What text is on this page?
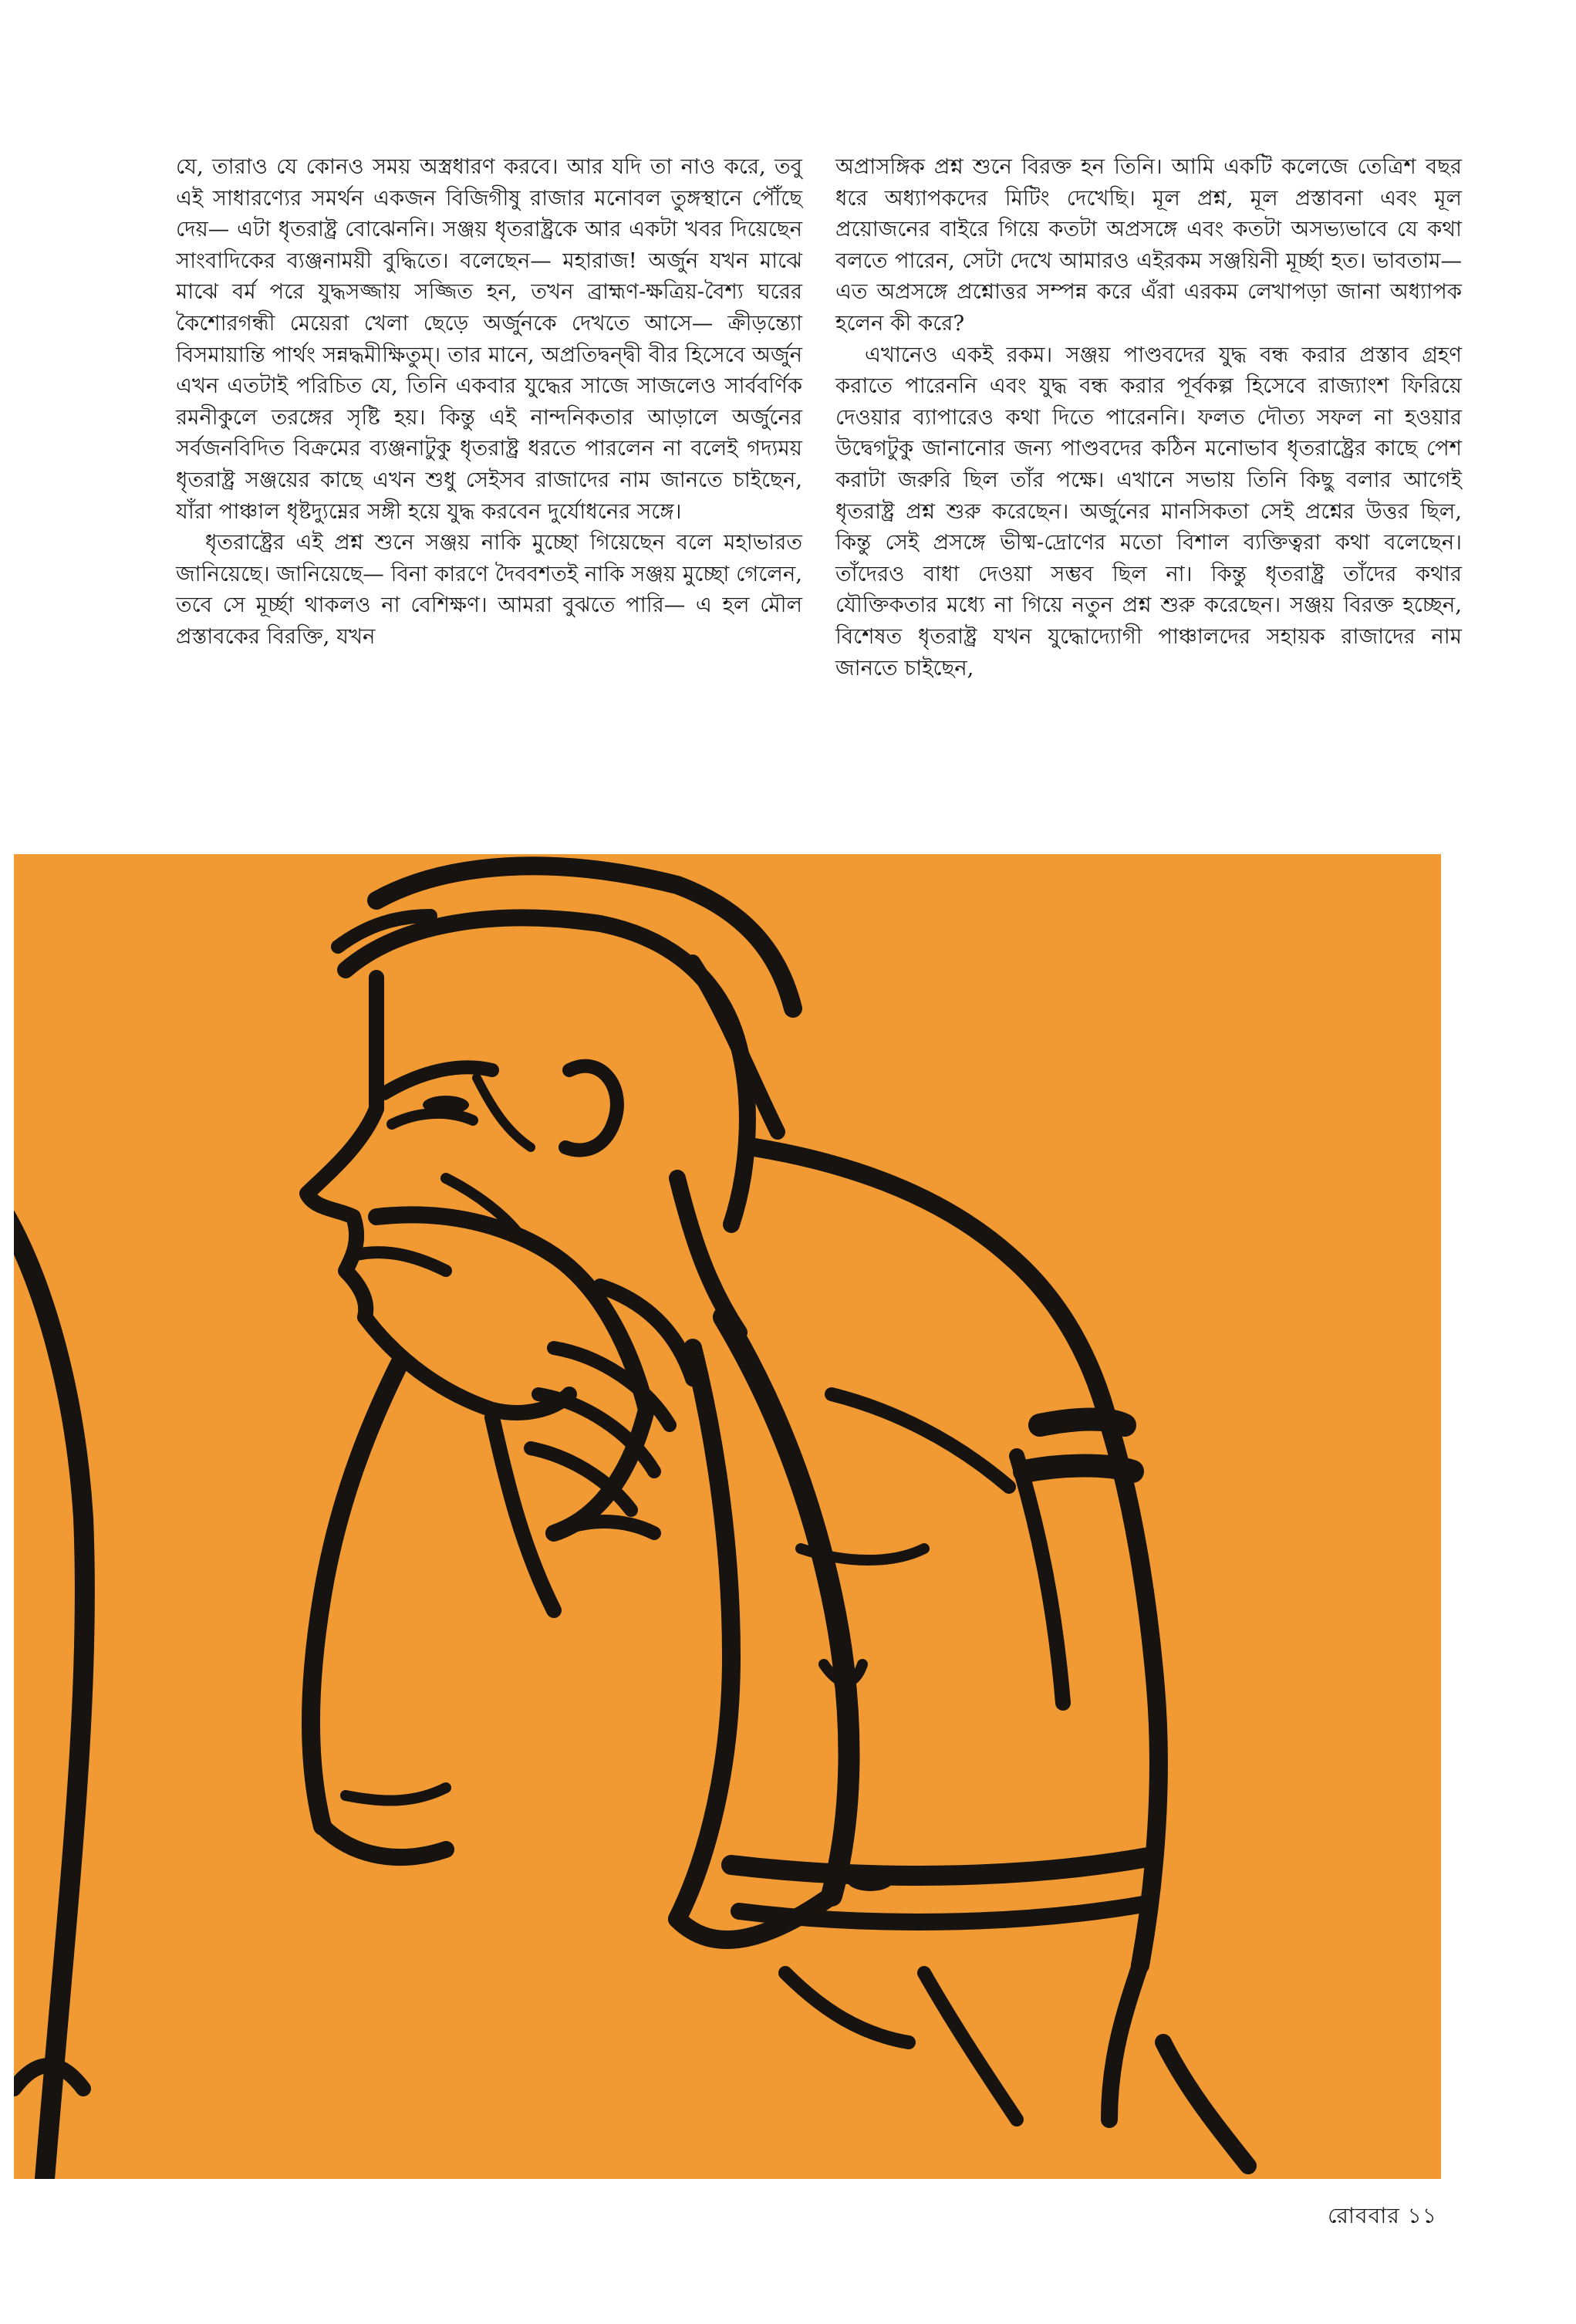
যে, তারাও যে কোনও সময় অস্ত্রধারণ করবে। আর যদি তা নাও করে, তবু এই সাধারণ্যের সমর্থন একজন বিজিগীষু রাজার মনোবল তুঙ্গস্থানে পৌঁছে দেয়— এটা ধৃতরাষ্ট্র বোঝেননি। সঞ্জয় ধৃতরাষ্ট্রকে আর একটা খবর দিয়েছেন সাংবাদিকের ব্যঞ্জনাময়ী বুদ্ধিতে। বলেছেন— মহারাজ! অর্জুন যখন মাঝে মাঝে বর্ম পরে যুদ্ধসজ্জায় সজ্জিত হন, তখন ব্রাহ্মণ-ক্ষত্রিয়-বৈশ্য ঘরের কৈশোরগন্ধী মেয়েরা খেলা ছেড়ে অর্জুনকে দেখতে আসে— ক্রীড়ন্ত্যো বিসমায়ান্তি পার্থং সন্নদ্ধমীক্ষিতুম্। তার মানে, অপ্রতিদ্বন্দ্বী বীর হিসেবে অর্জুন এখন এতটাই পরিচিত যে, তিনি একবার যুদ্ধের সাজে সাজলেও সার্ববর্ণিক রমনীকুলে তরঙ্গের সৃষ্টি হয়। কিন্তু এই নান্দনিকতার আড়ালে অর্জুনের সর্বজনবিদিত বিক্রমের ব্যঞ্জনাটুকু ধৃতরাষ্ট্র ধরতে পারলেন না বলেই গদ্যময় ধৃতরাষ্ট্র সঞ্জয়ের কাছে এখন শুধু সেইসব রাজাদের নাম জানতে চাইছেন, যাঁরা পাঞ্চাল ধৃষ্টদ্যুম্নের সঙ্গী হয়ে যুদ্ধ করবেন দুর্যোধনের সঙ্গে।

ধৃতরাষ্ট্রের এই প্রশ্ন শুনে সঞ্জয় নাকি মুচ্ছো গিয়েছেন বলে মহাভারত জানিয়েছে। জানিয়েছে— বিনা কারণে দৈববশতই নাকি সঞ্জয় মুচ্ছো গেলেন, তবে সে মূর্চ্ছা থাকলও না বেশিক্ষণ। আমরা বুঝতে পারি— এ হল মৌল প্রস্তাবকের বিরক্তি, যখন

অপ্রাসঙ্গিক প্রশ্ন শুনে বিরক্ত হন তিনি। আমি একটি কলেজে তেত্রিশ বছর ধরে অধ্যাপকদের মিটিং দেখেছি। মূল প্রশ্ন, মূল প্রস্তাবনা এবং মূল প্রয়োজনের বাইরে গিয়ে কতটা অপ্রসঙ্গে এবং কতটা অসভ্যভাবে যে কথা বলতে পারেন, সেটা দেখে আমারও এইরকম সঞ্জয়িনী মূর্চ্ছা হত। ভাবতাম— এত অপ্রসঙ্গে প্রশ্নোত্তর সম্পন্ন করে এঁরা এরকম লেখাপড়া জানা অধ্যাপক হলেন কী করে?

এখানেও একই রকম। সঞ্জয় পাণ্ডবদের যুদ্ধ বন্ধ করার প্রস্তাব গ্রহণ করাতে পারেননি এবং যুদ্ধ বন্ধ করার পূর্বকল্প হিসেবে রাজ্যাংশ ফিরিয়ে দেওয়ার ব্যাপারেও কথা দিতে পারেননি। ফলত দৌত্য সফল না হওয়ার উদ্বেগটুকু জানানোর জন্য পাণ্ডবদের কঠিন মনোভাব ধৃতরাষ্ট্রের কাছে পেশ করাটা জরুরি ছিল তাঁর পক্ষে। এখানে সভায় তিনি কিছু বলার আগেই ধৃতরাষ্ট্র প্রশ্ন শুরু করেছেন। অর্জুনের মানসিকতা সেই প্রশ্নের উত্তর ছিল, কিন্তু সেই প্রসঙ্গে ভীষ্ম-দ্রোণের মতো বিশাল ব্যক্তিত্বরা কথা বলেছেন। তাঁদেরও বাধা দেওয়া সম্ভব ছিল না। কিন্তু ধৃতরাষ্ট্র তাঁদের কথার যৌক্তিকতার মধ্যে না গিয়ে নতুন প্রশ্ন শুরু করেছেন। সঞ্জয় বিরক্ত হচ্ছেন, বিশেষত ধৃতরাষ্ট্র যখন যুদ্ধোদ্যোগী পাঞ্চালদের সহায়ক রাজাদের নাম জানতে চাইছেন,

রোববার ১১
